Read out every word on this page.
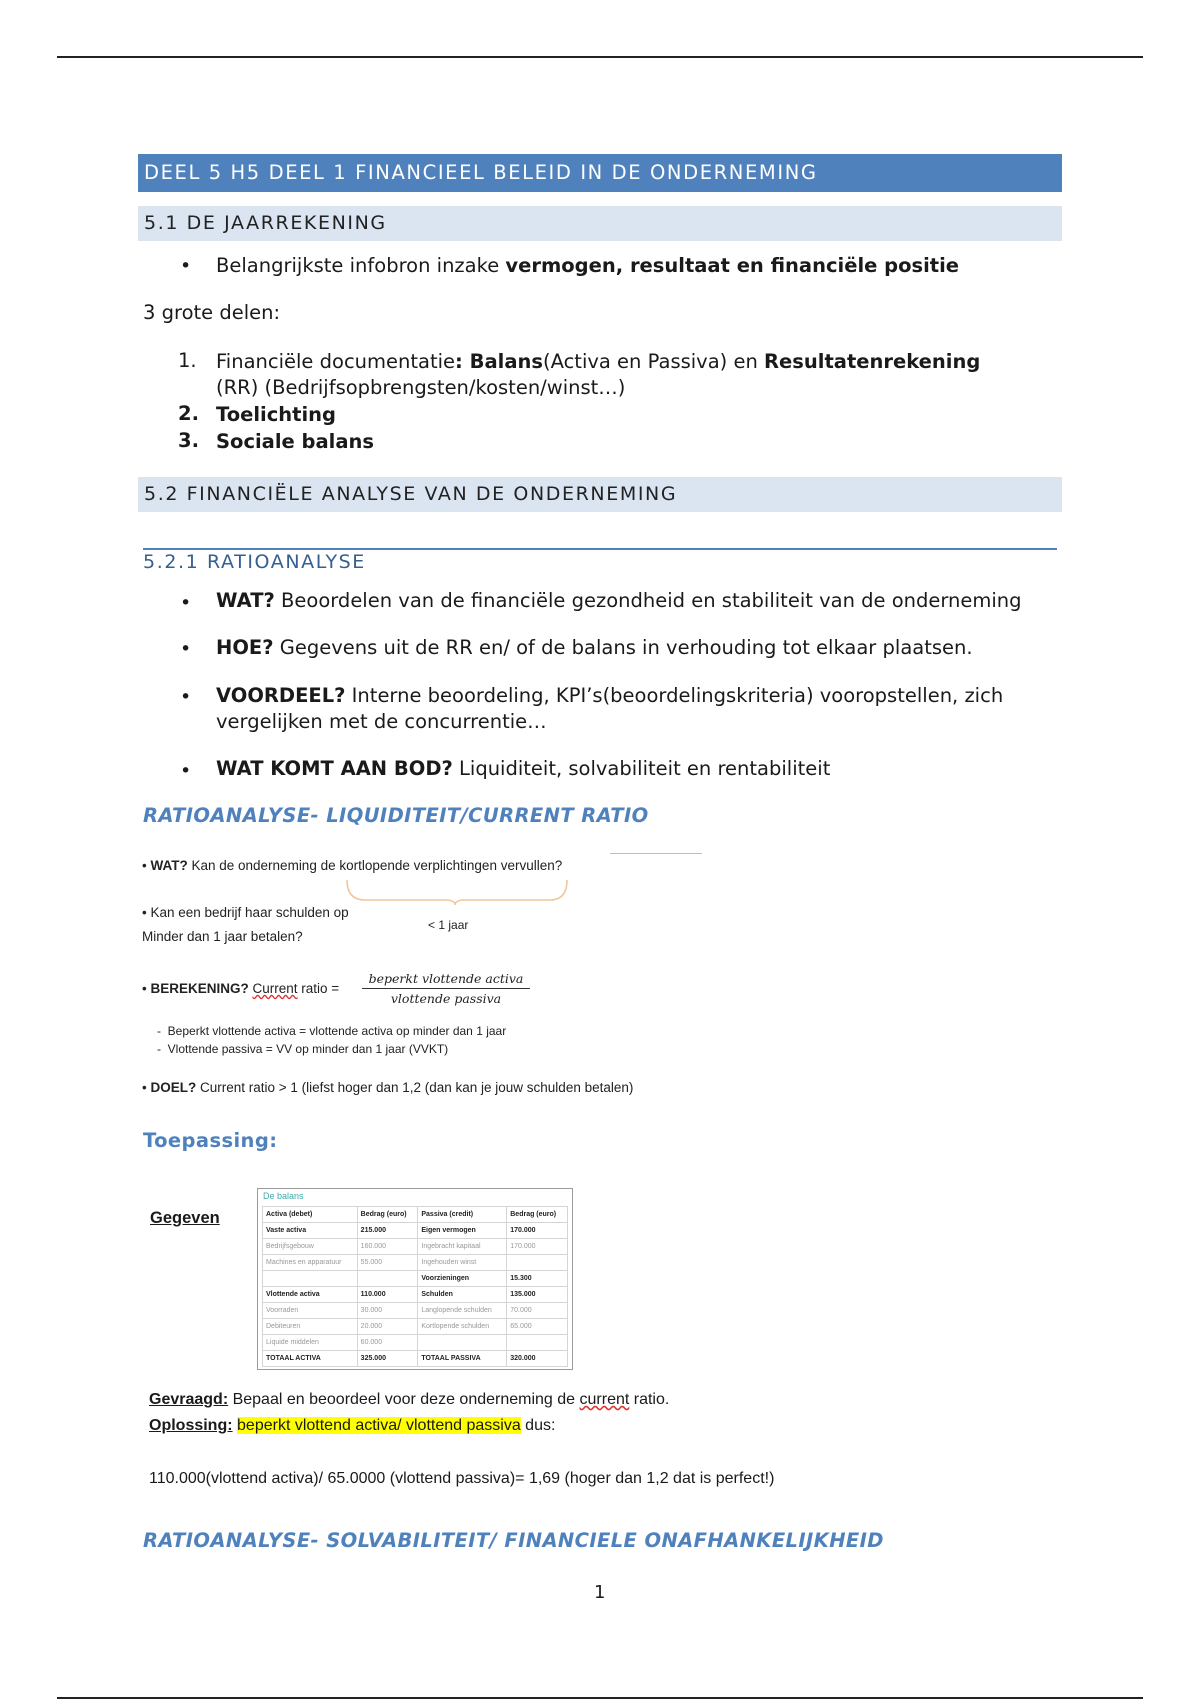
DEEL 5 H5 DEEL 1 FINANCIEEL BELEID IN DE ONDERNEMING
5.1 DE JAARREKENING
• Belangrijkste infobron inzake vermogen, resultaat en financiële positie
3 grote delen:
1. Financiële documentatie: Balans(Activa en Passiva) en Resultatenrekening
(RR) (Bedrijfsopbrengsten/kosten/winst…)
2. Toelichting
3. Sociale balans
5.2 FINANCIËLE ANALYSE VAN DE ONDERNEMING
5.2.1 RATIOANALYSE
• WAT? Beoordelen van de financiële gezondheid en stabiliteit van de onderneming
• HOE? Gegevens uit de RR en/ of de balans in verhouding tot elkaar plaatsen.
• VOORDEEL? Interne beoordeling, KPI’s(beoordelingskriteria) vooropstellen, zich
vergelijken met de concurrentie…
• WAT KOMT AAN BOD? Liquiditeit, solvabiliteit en rentabiliteit
RATIOANALYSE- LIQUIDITEIT/CURRENT RATIO
• WAT? Kan de onderneming de kortlopende verplichtingen vervullen?
• Kan een bedrijf haar schulden op
Minder dan 1 jaar betalen?
< 1 jaar
• BEREKENING? Current ratio =
beperkt vlottende activa
vlottende passiva
-  Beperkt vlottende activa = vlottende activa op minder dan 1 jaar
-  Vlottende passiva = VV op minder dan 1 jaar (VVKT)
• DOEL? Current ratio > 1 (liefst hoger dan 1,2 (dan kan je jouw schulden betalen)
Toepassing:
Gegeven
De balans
Activa (debet)	Bedrag (euro)	Passiva (credit)	Bedrag (euro)
Vaste activa	215.000	Eigen vermogen	170.000
Bedrijfsgebouw	160.000	Ingebracht kapitaal	170.000
Machines en apparatuur	55.000	Ingehouden winst	
		Voorzieningen	15.300
Vlottende activa	110.000	Schulden	135.000
Voorraden	30.000	Langlopende schulden	70.000
Debiteuren	20.000	Kortlopende schulden	65.000
Liquide middelen	60.000		
TOTAAL ACTIVA	325.000	TOTAAL PASSIVA	320.000
Gevraagd: Bepaal en beoordeel voor deze onderneming de current ratio.
Oplossing: beperkt vlottend activa/ vlottend passiva dus:
110.000(vlottend activa)/ 65.0000 (vlottend passiva)= 1,69 (hoger dan 1,2 dat is perfect!)
RATIOANALYSE- SOLVABILITEIT/ FINANCIELE ONAFHANKELIJKHEID
1
